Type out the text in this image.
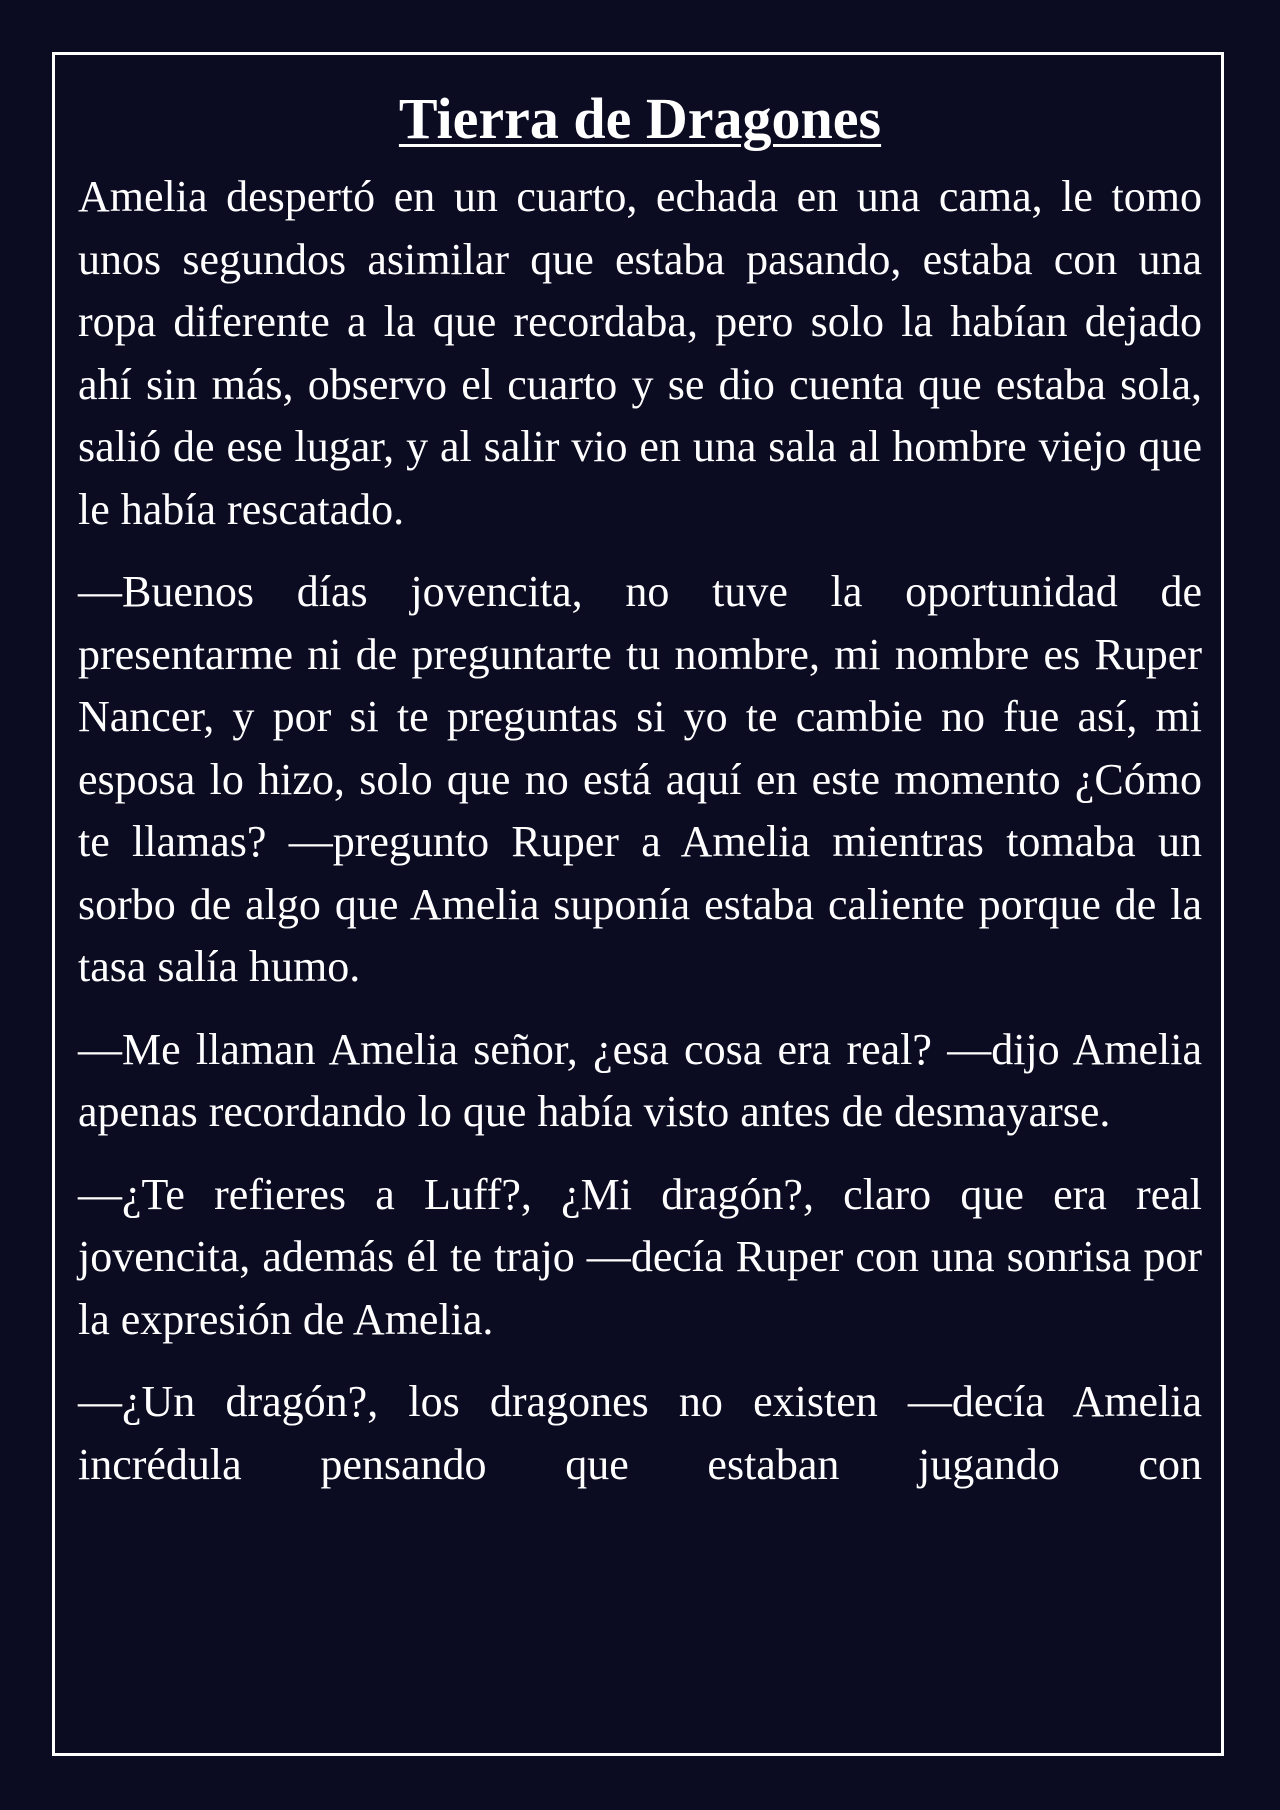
Tierra de Dragones

Amelia despertó en un cuarto, echada en una cama, le tomo unos segundos asimilar que estaba pasando, estaba con una ropa diferente a la que recordaba, pero solo la habían dejado ahí sin más, observo el cuarto y se dio cuenta que estaba sola, salió de ese lugar, y al salir vio en una sala al hombre viejo que le había rescatado.

—Buenos días jovencita, no tuve la oportunidad de presentarme ni de preguntarte tu nombre, mi nombre es Ruper Nancer, y por si te preguntas si yo te cambie no fue así, mi esposa lo hizo, solo que no está aquí en este momento ¿Cómo te llamas? —pregunto Ruper a Amelia mientras tomaba un sorbo de algo que Amelia suponía estaba caliente porque de la tasa salía humo.

—Me llaman Amelia señor, ¿esa cosa era real? —dijo Amelia apenas recordando lo que había visto antes de desmayarse.

—¿Te refieres a Luff?, ¿Mi dragón?, claro que era real jovencita, además él te trajo —decía Ruper con una sonrisa por la expresión de Amelia.

—¿Un dragón?, los dragones no existen —decía Amelia incrédula pensando que estaban jugando con
